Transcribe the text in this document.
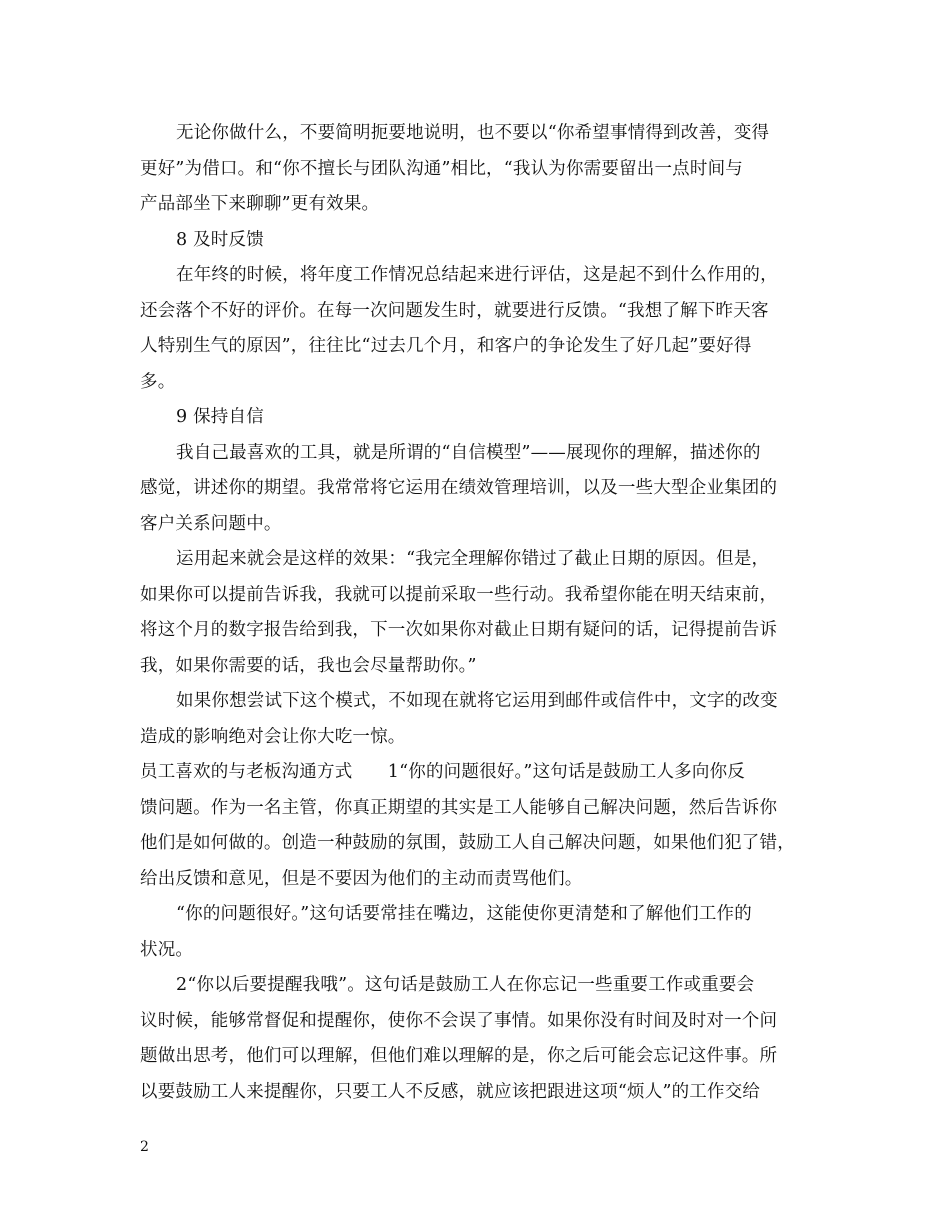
无论你做什么，不要简明扼要地说明，也不要以“你希望事情得到改善，变得
更好”为借口。和“你不擅长与团队沟通”相比，“我认为你需要留出一点时间与
产品部坐下来聊聊”更有效果。
8 及时反馈
在年终的时候，将年度工作情况总结起来进行评估，这是起不到什么作用的，
还会落个不好的评价。在每一次问题发生时，就要进行反馈。“我想了解下昨天客
人特别生气的原因”，往往比“过去几个月，和客户的争论发生了好几起”要好得
多。
9 保持自信
我自己最喜欢的工具，就是所谓的“自信模型”——展现你的理解，描述你的
感觉，讲述你的期望。我常常将它运用在绩效管理培训，以及一些大型企业集团的
客户关系问题中。
运用起来就会是这样的效果：“我完全理解你错过了截止日期的原因。但是，
如果你可以提前告诉我，我就可以提前采取一些行动。我希望你能在明天结束前，
将这个月的数字报告给到我，下一次如果你对截止日期有疑问的话，记得提前告诉
我，如果你需要的话，我也会尽量帮助你。”
如果你想尝试下这个模式，不如现在就将它运用到邮件或信件中，文字的改变
造成的影响绝对会让你大吃一惊。
员工喜欢的与老板沟通方式　　1“你的问题很好。”这句话是鼓励工人多向你反
馈问题。作为一名主管，你真正期望的其实是工人能够自己解决问题，然后告诉你
他们是如何做的。创造一种鼓励的氛围，鼓励工人自己解决问题，如果他们犯了错，
给出反馈和意见，但是不要因为他们的主动而责骂他们。
“你的问题很好。”这句话要常挂在嘴边，这能使你更清楚和了解他们工作的
状况。
2“你以后要提醒我哦”。这句话是鼓励工人在你忘记一些重要工作或重要会
议时候，能够常督促和提醒你，使你不会误了事情。如果你没有时间及时对一个问
题做出思考，他们可以理解，但他们难以理解的是，你之后可能会忘记这件事。所
以要鼓励工人来提醒你，只要工人不反感，就应该把跟进这项“烦人”的工作交给
2
